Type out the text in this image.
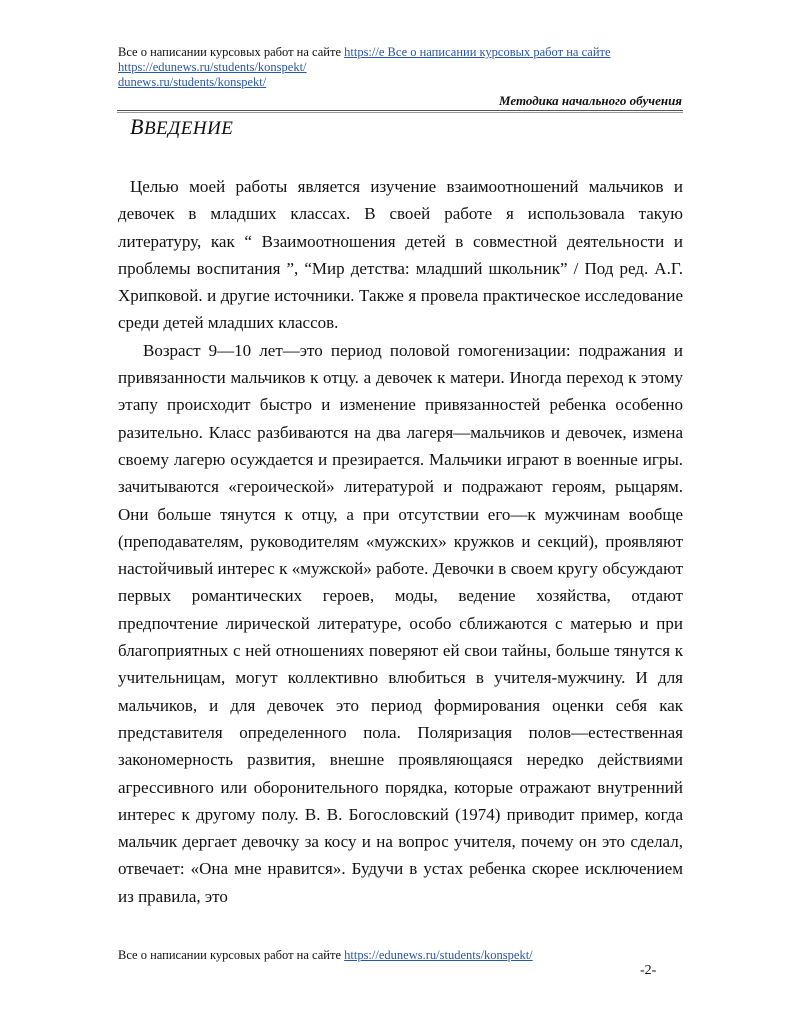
Все о написании курсовых работ на сайте https://e Все о написании курсовых работ на сайте
https://edunews.ru/students/konspekt/
dunews.ru/students/konspekt/
Методика начального обучения
ВВЕДЕНИЕ

Целью моей работы является изучение взаимоотношений мальчиков и девочек в младших классах. В своей работе я использовала такую литературу, как “ Взаимоотношения детей в совместной деятельности и проблемы воспитания ”, “Мир детства: младший школьник” / Под ред. А.Г. Хрипковой. и другие источники. Также я провела практическое исследование среди детей младших классов.

Возраст 9—10 лет—это период половой гомогенизации: подражания и привязанности мальчиков к отцу. а девочек к матери. Иногда переход к этому этапу происходит быстро и изменение привязанностей ребенка особенно разительно. Класс разбиваются на два лагеря—мальчиков и девочек, измена своему лагерю осуждается и презирается. Мальчики играют в военные игры. зачитываются «героической» литературой и подражают героям, рыцарям. Они больше тянутся к отцу, а при отсутствии его—к мужчинам вообще (преподавателям, руководителям «мужских» кружков и секций), проявляют настойчивый интерес к «мужской» работе. Девочки в своем кругу обсуждают первых романтических героев, моды, ведение хозяйства, отдают предпочтение лирической литературе, особо сближаются с матерью и при благоприятных с ней отношениях поверяют ей свои тайны, больше тянутся к учительницам, могут коллективно влюбиться в учителя-мужчину. И для мальчиков, и для девочек это период формирования оценки себя как представителя определенного пола. Поляризация полов—естественная закономерность развития, внешне проявляющаяся нередко действиями агрессивного или оборонительного порядка, которые отражают внутренний интерес к другому полу. В. В. Богословский (1974) приводит пример, когда мальчик дергает девочку за косу и на вопрос учителя, почему он это сделал, отвечает: «Она мне нравится». Будучи в устах ребенка скорее исключением из правила, это

Все о написании курсовых работ на сайте https://edunews.ru/students/konspekt/
-2-
